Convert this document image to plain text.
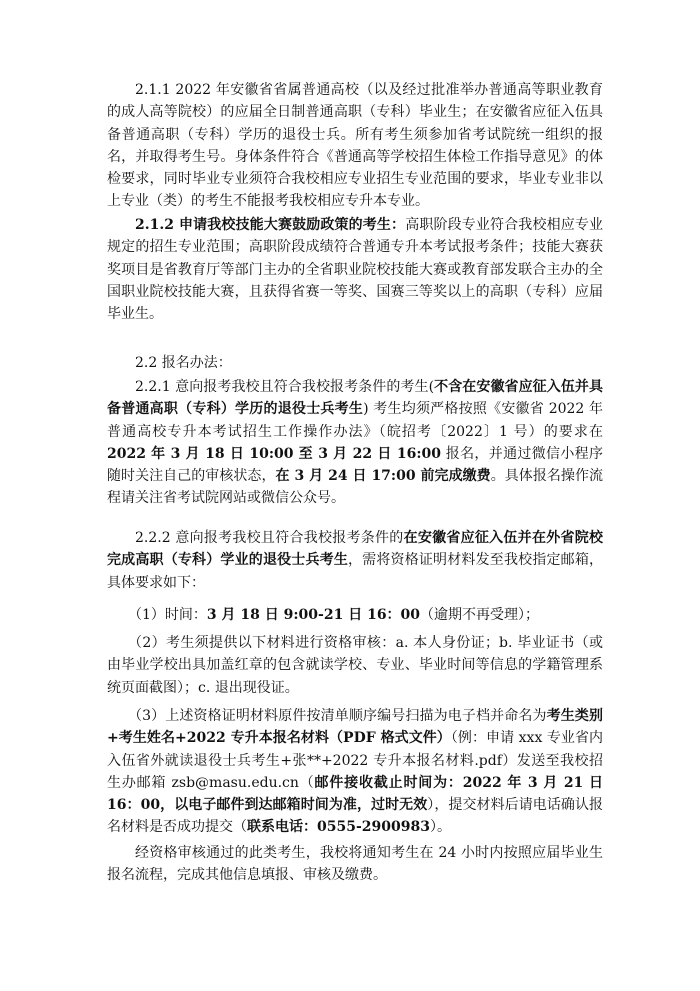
2.1.1 2022 年安徽省省属普通高校（以及经过批准举办普通高等职业教育的成人高等院校）的应届全日制普通高职（专科）毕业生；在安徽省应征入伍具备普通高职（专科）学历的退役士兵。所有考生须参加省考试院统一组织的报名，并取得考生号。身体条件符合《普通高等学校招生体检工作指导意见》的体检要求，同时毕业专业须符合我校相应专业招生专业范围的要求，毕业专业非以上专业（类）的考生不能报考我校相应专升本专业。

2.1.2 申请我校技能大赛鼓励政策的考生：高职阶段专业符合我校相应专业规定的招生专业范围；高职阶段成绩符合普通专升本考试报考条件；技能大赛获奖项目是省教育厅等部门主办的全省职业院校技能大赛或教育部发联合主办的全国职业院校技能大赛，且获得省赛一等奖、国赛三等奖以上的高职（专科）应届毕业生。

2.2 报名办法：

2.2.1 意向报考我校且符合我校报考条件的考生(不含在安徽省应征入伍并具备普通高职（专科）学历的退役士兵考生) 考生均须严格按照《安徽省 2022 年普通高校专升本考试招生工作操作办法》（皖招考〔2022〕1 号）的要求在 2022 年 3 月 18 日 10:00 至 3 月 22 日 16:00 报名，并通过微信小程序随时关注自己的审核状态，在 3 月 24 日 17:00 前完成缴费。具体报名操作流程请关注省考试院网站或微信公众号。

2.2.2 意向报考我校且符合我校报考条件的在安徽省应征入伍并在外省院校完成高职（专科）学业的退役士兵考生，需将资格证明材料发至我校指定邮箱，具体要求如下：

（1）时间：3 月 18 日 9:00-21 日 16：00（逾期不再受理）；

（2）考生须提供以下材料进行资格审核：a. 本人身份证；b. 毕业证书（或由毕业学校出具加盖红章的包含就读学校、专业、毕业时间等信息的学籍管理系统页面截图）；c. 退出现役证。

（3）上述资格证明材料原件按清单顺序编号扫描为电子档并命名为考生类别+考生姓名+2022 专升本报名材料（PDF 格式文件）（例：申请 xxx 专业省内入伍省外就读退役士兵考生+张**+2022 专升本报名材料.pdf）发送至我校招生办邮箱 zsb@masu.edu.cn（邮件接收截止时间为：2022 年 3 月 21 日 16：00，以电子邮件到达邮箱时间为准，过时无效），提交材料后请电话确认报名材料是否成功提交（联系电话：0555-2900983）。

经资格审核通过的此类考生，我校将通知考生在 24 小时内按照应届毕业生报名流程，完成其他信息填报、审核及缴费。
